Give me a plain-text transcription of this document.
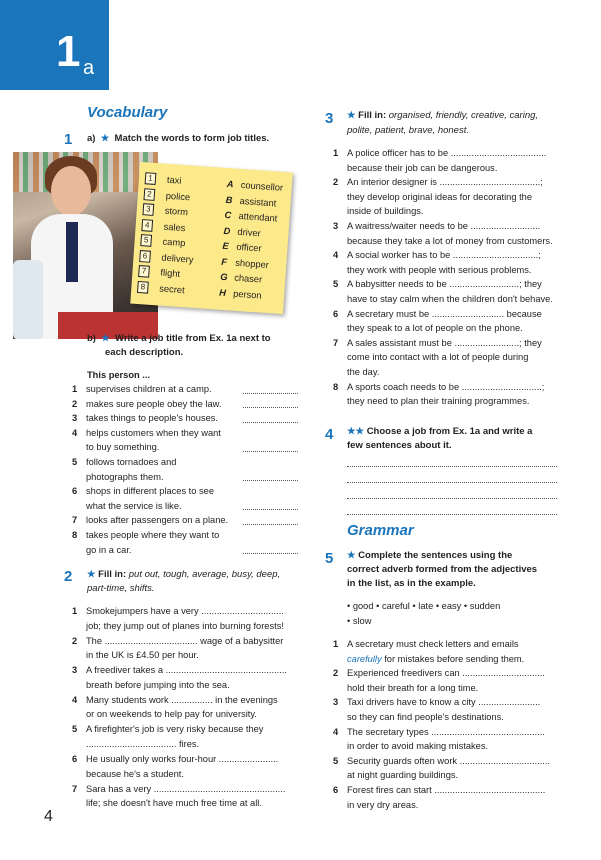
1 a
Vocabulary
1 a)  ★  Match the words to form job titles.
1	taxi	A counsellor
2	police	B assistant
3	storm	C attendant
4	sales	D driver
5	camp	E officer
6	delivery	F shopper
7	flight	G chaser
8	secret	H person
b)  ★  Write a job title from Ex. 1a next to
each description.
This person ...
1 supervises children at a camp.
2 makes sure people obey the law.
3 takes things to people's houses.
4 helps customers when they want
to buy something.
5 follows tornadoes and
photographs them.
6 shops in different places to see
what the service is like.
7 looks after passengers on a plane.
8 takes people where they want to
go in a car.
2 ★ Fill in: put out, tough, average, busy, deep,
part-time, shifts.
1 Smokejumpers have a very ................................
job; they jump out of planes into burning forests!
2 The .................................... wage of a babysitter
in the UK is £4.50 per hour.
3 A freediver takes a ...............................................
breath before jumping into the sea.
4 Many students work ................ in the evenings
or on weekends to help pay for university.
5 A firefighter's job is very risky because they
................................... fires.
6 He usually only works four-hour .......................
because he's a student.
7 Sara has a very ...................................................
life; she doesn't have much free time at all.
3 ★ Fill in: organised, friendly, creative, caring,
polite, patient, brave, honest.
1 A police officer has to be .....................................
because their job can be dangerous.
2 An interior designer is .......................................;
they develop original ideas for decorating the
inside of buildings.
3 A waitress/waiter needs to be ...........................
because they take a lot of money from customers.
4 A social worker has to be .................................;
they work with people with serious problems.
5 A babysitter needs to be ...........................; they
have to stay calm when the children don't behave.
6 A secretary must be ............................ because
they speak to a lot of people on the phone.
7 A sales assistant must be .........................; they
come into contact with a lot of people during
the day.
8 A sports coach needs to be ...............................;
they need to plan their training programmes.
4 ★★ Choose a job from Ex. 1a and write a
few sentences about it.
Grammar
5 ★ Complete the sentences using the
correct adverb formed from the adjectives
in the list, as in the example.
• good • careful • late • easy • sudden
• slow
1 A secretary must check letters and emails
carefully for mistakes before sending them.
2 Experienced freedivers can ................................
hold their breath for a long time.
3 Taxi drivers have to know a city ........................
so they can find people's destinations.
4 The secretary types ............................................
in order to avoid making mistakes.
5 Security guards often work ...................................
at night guarding buildings.
6 Forest fires can start ...........................................
in very dry areas.
4
